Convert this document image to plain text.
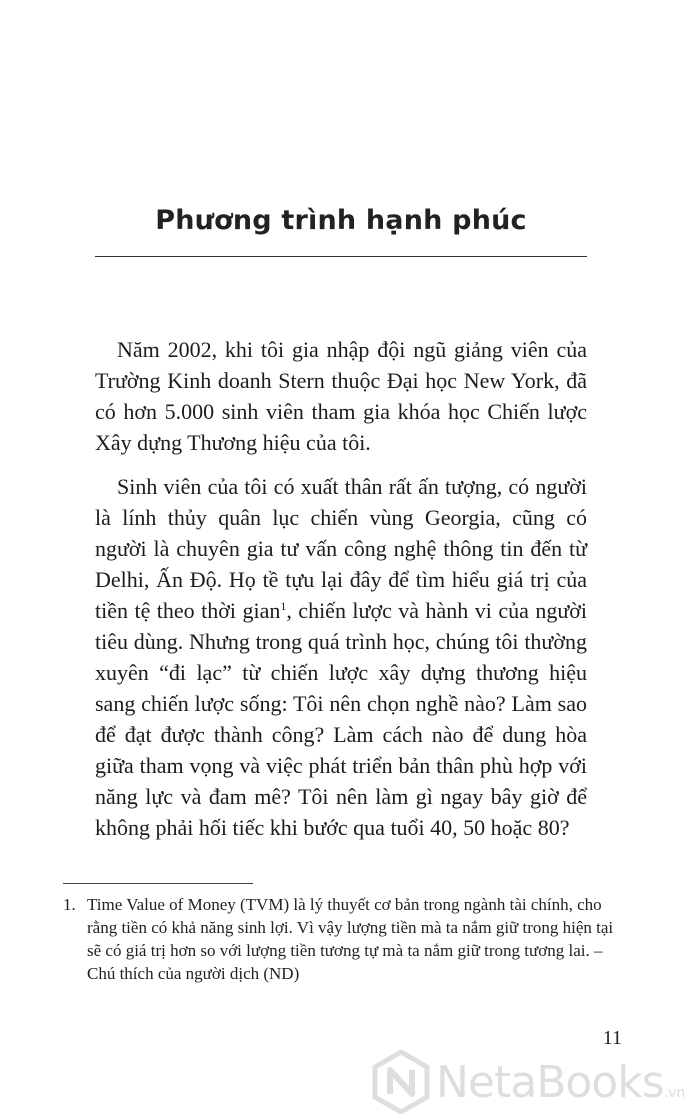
Phương trình hạnh phúc

Năm 2002, khi tôi gia nhập đội ngũ giảng viên của Trường Kinh doanh Stern thuộc Đại học New York, đã có hơn 5.000 sinh viên tham gia khóa học Chiến lược Xây dựng Thương hiệu của tôi.

Sinh viên của tôi có xuất thân rất ấn tượng, có người là lính thủy quân lục chiến vùng Georgia, cũng có người là chuyên gia tư vấn công nghệ thông tin đến từ Delhi, Ấn Độ. Họ tề tựu lại đây để tìm hiểu giá trị của tiền tệ theo thời gian$^1$, chiến lược và hành vi của người tiêu dùng. Nhưng trong quá trình học, chúng tôi thường xuyên “đi lạc” từ chiến lược xây dựng thương hiệu sang chiến lược sống: Tôi nên chọn nghề nào? Làm sao để đạt được thành công? Làm cách nào để dung hòa giữa tham vọng và việc phát triển bản thân phù hợp với năng lực và đam mê? Tôi nên làm gì ngay bây giờ để không phải hối tiếc khi bước qua tuổi 40, 50 hoặc 80?

1. Time Value of Money (TVM) là lý thuyết cơ bản trong ngành tài chính, cho rằng tiền có khả năng sinh lợi. Vì vậy lượng tiền mà ta nắm giữ trong hiện tại sẽ có giá trị hơn so với lượng tiền tương tự mà ta nắm giữ trong tương lai. – Chú thích của người dịch (ND)
11
NetaBooks.vn
